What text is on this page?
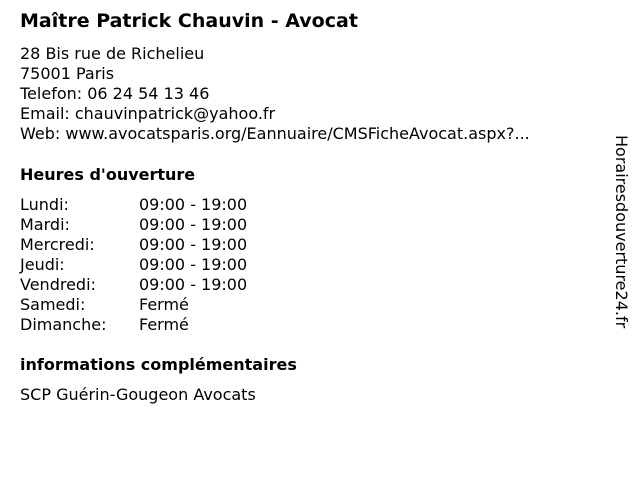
Maître Patrick Chauvin - Avocat
28 Bis rue de Richelieu
75001 Paris
Telefon: 06 24 54 13 46
Email: chauvinpatrick@yahoo.fr
Web: www.avocatsparis.org/Eannuaire/CMSFicheAvocat.aspx?...
Heures d'ouverture
Lundi:	09:00 - 19:00
Mardi:	09:00 - 19:00
Mercredi:	09:00 - 19:00
Jeudi:	09:00 - 19:00
Vendredi:	09:00 - 19:00
Samedi:	Fermé
Dimanche: Fermé
informations complémentaires
SCP Guérin-Gougeon Avocats
Horairesdouverture24.fr
